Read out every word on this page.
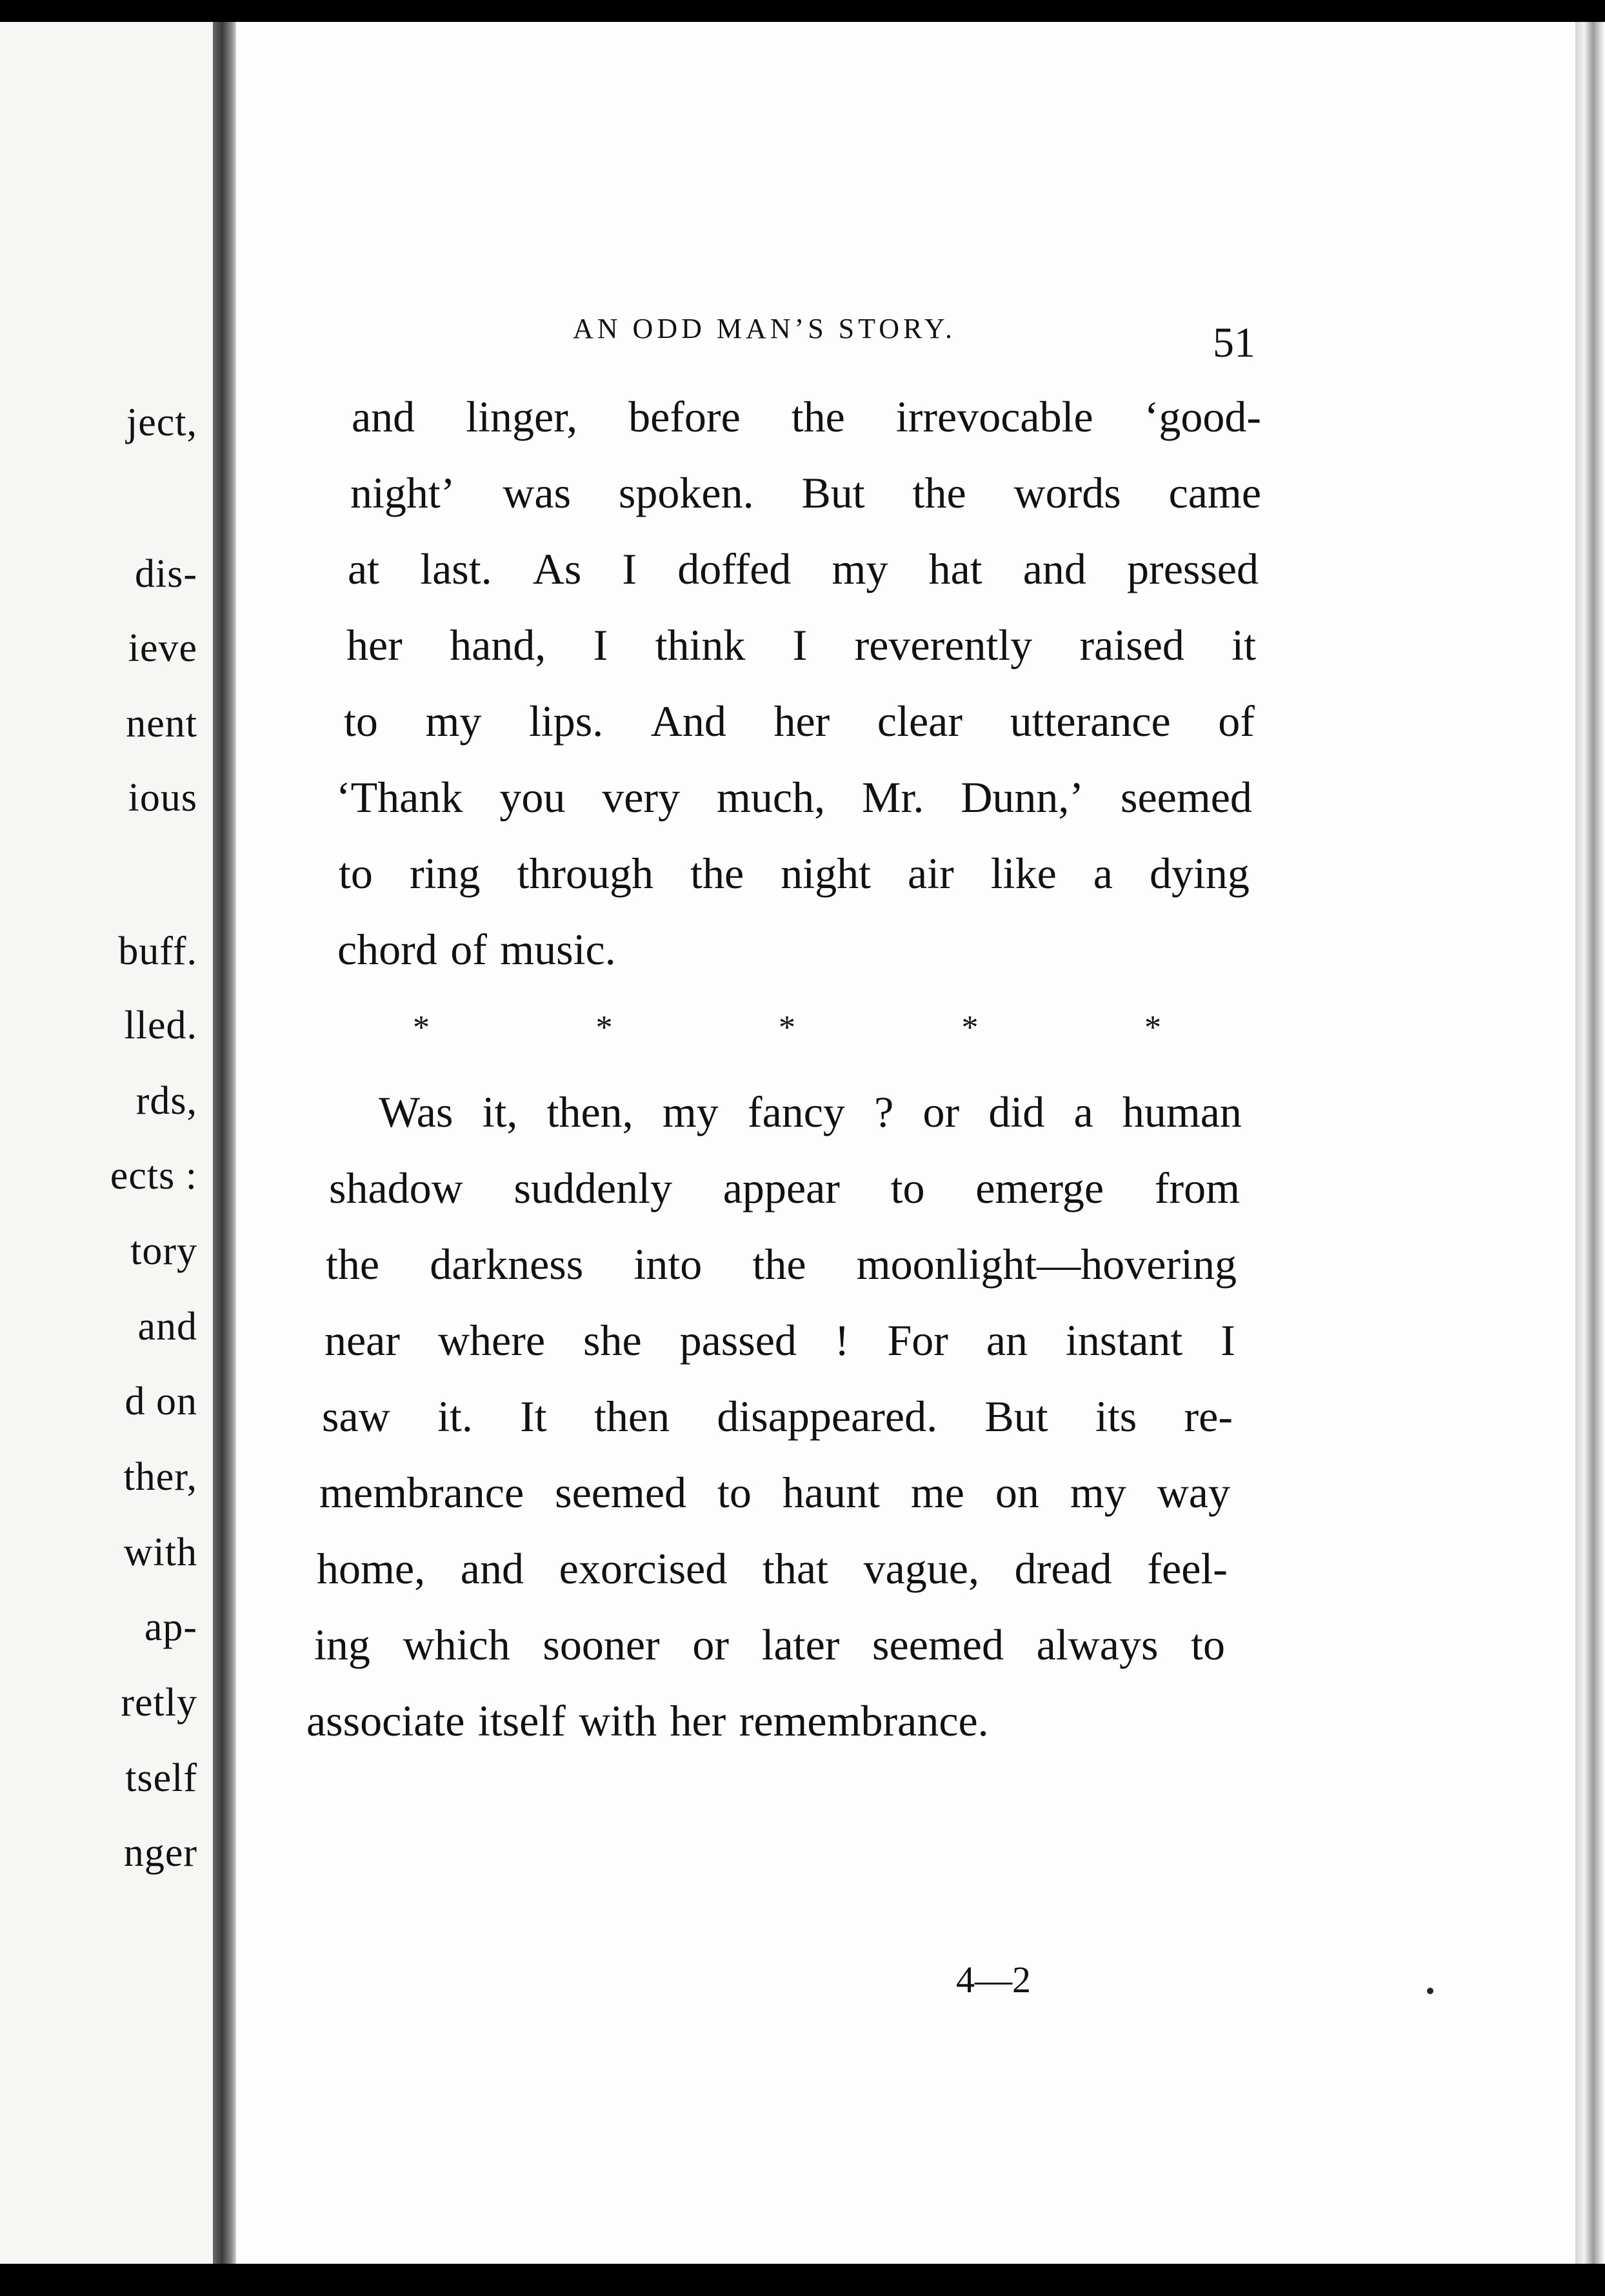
ject,
dis-
ieve
nent
ious
buff.
lled.
rds,
ects :
tory
and
d on
ther,
with
ap-
retly
tself
nger
AN ODD MAN’S STORY.	51
and linger, before the irrevocable ‘good-
night’ was spoken. But the words came
at last. As I doffed my hat and pressed
her hand, I think I reverently raised it
to my lips. And her clear utterance of
‘Thank you very much, Mr. Dunn,’ seemed
to ring through the night air like a dying
chord of music.
*	*	*	*	*
Was it, then, my fancy ? or did a human
shadow suddenly appear to emerge from
the darkness into the moonlight—hovering
near where she passed ! For an instant I
saw it. It then disappeared. But its re-
membrance seemed to haunt me on my way
home, and exorcised that vague, dread feel-
ing which sooner or later seemed always to
associate itself with her remembrance.
4—2
